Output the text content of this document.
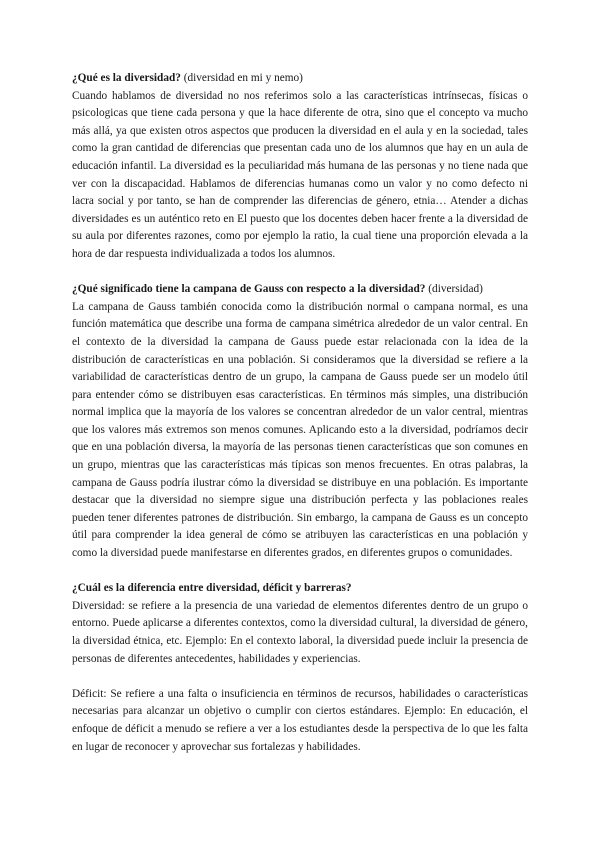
¿Qué es la diversidad? (diversidad en mi y nemo)

Cuando hablamos de diversidad no nos referimos solo a las características intrínsecas, físicas o psicologicas que tiene cada persona y que la hace diferente de otra, sino que el concepto va mucho más allá, ya que existen otros aspectos que producen la diversidad en el aula y en la sociedad, tales como la gran cantidad de diferencias que presentan cada uno de los alumnos que hay en un aula de educación infantil. La diversidad es la peculiaridad más humana de las personas y no tiene nada que ver con la discapacidad. Hablamos de diferencias humanas como un valor y no como defecto ni lacra social y por tanto, se han de comprender las diferencias de género, etnia… Atender a dichas diversidades es un auténtico reto en El puesto que los docentes deben hacer frente a la diversidad de su aula por diferentes razones, como por ejemplo la ratio, la cual tiene una proporción elevada a la hora de dar respuesta individualizada a todos los alumnos.

¿Qué significado tiene la campana de Gauss con respecto a la diversidad? (diversidad)

La campana de Gauss también conocida como la distribución normal o campana normal, es una función matemática que describe una forma de campana simétrica alrededor de un valor central. En el contexto de la diversidad la campana de Gauss puede estar relacionada con la idea de la distribución de características en una población. Si consideramos que la diversidad se refiere a la variabilidad de características dentro de un grupo, la campana de Gauss puede ser un modelo útil para entender cómo se distribuyen esas características. En términos más simples, una distribución normal implica que la mayoría de los valores se concentran alrededor de un valor central, mientras que los valores más extremos son menos comunes. Aplicando esto a la diversidad, podríamos decir que en una población diversa, la mayoría de las personas tienen características que son comunes en un grupo, mientras que las características más típicas son menos frecuentes. En otras palabras, la campana de Gauss podría ilustrar cómo la diversidad se distribuye en una población. Es importante destacar que la diversidad no siempre sigue una distribución perfecta y las poblaciones reales pueden tener diferentes patrones de distribución. Sin embargo, la campana de Gauss es un concepto útil para comprender la idea general de cómo se atribuyen las características en una población y como la diversidad puede manifestarse en diferentes grados, en diferentes grupos o comunidades.

¿Cuál es la diferencia entre diversidad, déficit y barreras?

Diversidad: se refiere a la presencia de una variedad de elementos diferentes dentro de un grupo o entorno. Puede aplicarse a diferentes contextos, como la diversidad cultural, la diversidad de género, la diversidad étnica, etc. Ejemplo: En el contexto laboral, la diversidad puede incluir la presencia de personas de diferentes antecedentes, habilidades y experiencias.

Déficit: Se refiere a una falta o insuficiencia en términos de recursos, habilidades o características necesarias para alcanzar un objetivo o cumplir con ciertos estándares. Ejemplo: En educación, el enfoque de déficit a menudo se refiere a ver a los estudiantes desde la perspectiva de lo que les falta en lugar de reconocer y aprovechar sus fortalezas y habilidades.
